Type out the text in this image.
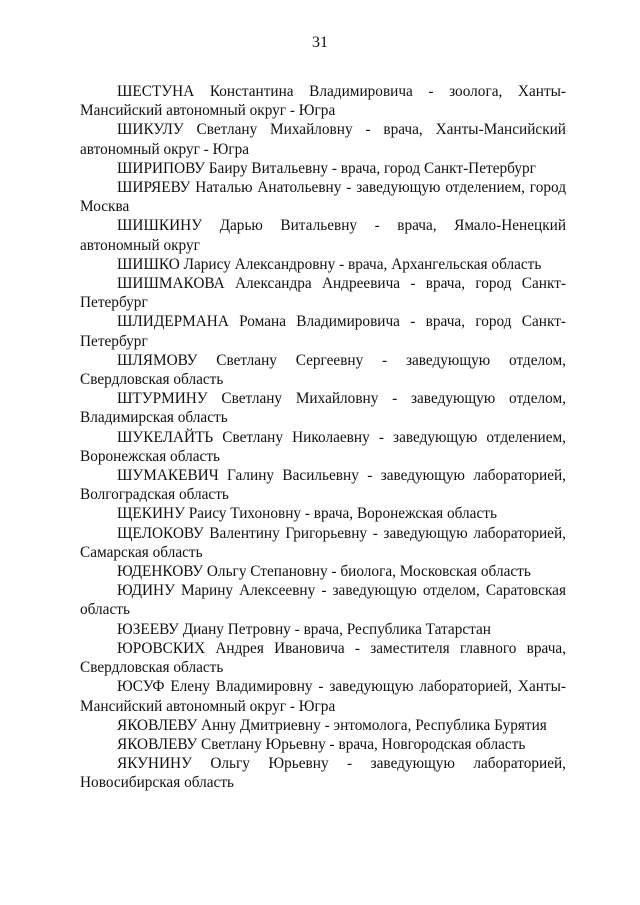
31

ШЕСТУНА Константина Владимировича - зоолога, Ханты-Мансийский автономный округ - Югра

ШИКУЛУ Светлану Михайловну - врача, Ханты-Мансийский автономный округ - Югра

ШИРИПОВУ Баиру Витальевну - врача, город Санкт-Петербург

ШИРЯЕВУ Наталью Анатольевну - заведующую отделением, город Москва

ШИШКИНУ Дарью Витальевну - врача, Ямало-Ненецкий автономный округ

ШИШКО Ларису Александровну - врача, Архангельская область

ШИШМАКОВА Александра Андреевича - врача, город Санкт-Петербург

ШЛИДЕРМАНА Романа Владимировича - врача, город Санкт-Петербург

ШЛЯМОВУ Светлану Сергеевну - заведующую отделом, Свердловская область

ШТУРМИНУ Светлану Михайловну - заведующую отделом, Владимирская область

ШУКЕЛАЙТЬ Светлану Николаевну - заведующую отделением, Воронежская область

ШУМАКЕВИЧ Галину Васильевну - заведующую лабораторией, Волгоградская область

ЩЕКИНУ Раису Тихоновну - врача, Воронежская область

ЩЕЛОКОВУ Валентину Григорьевну - заведующую лабораторией, Самарская область

ЮДЕНКОВУ Ольгу Степановну - биолога, Московская область

ЮДИНУ Марину Алексеевну - заведующую отделом, Саратовская область

ЮЗЕЕВУ Диану Петровну - врача, Республика Татарстан

ЮРОВСКИХ Андрея Ивановича - заместителя главного врача, Свердловская область

ЮСУФ Елену Владимировну - заведующую лабораторией, Ханты-Мансийский автономный округ - Югра

ЯКОВЛЕВУ Анну Дмитриевну - энтомолога, Республика Бурятия

ЯКОВЛЕВУ Светлану Юрьевну - врача, Новгородская область

ЯКУНИНУ Ольгу Юрьевну - заведующую лабораторией, Новосибирская область
